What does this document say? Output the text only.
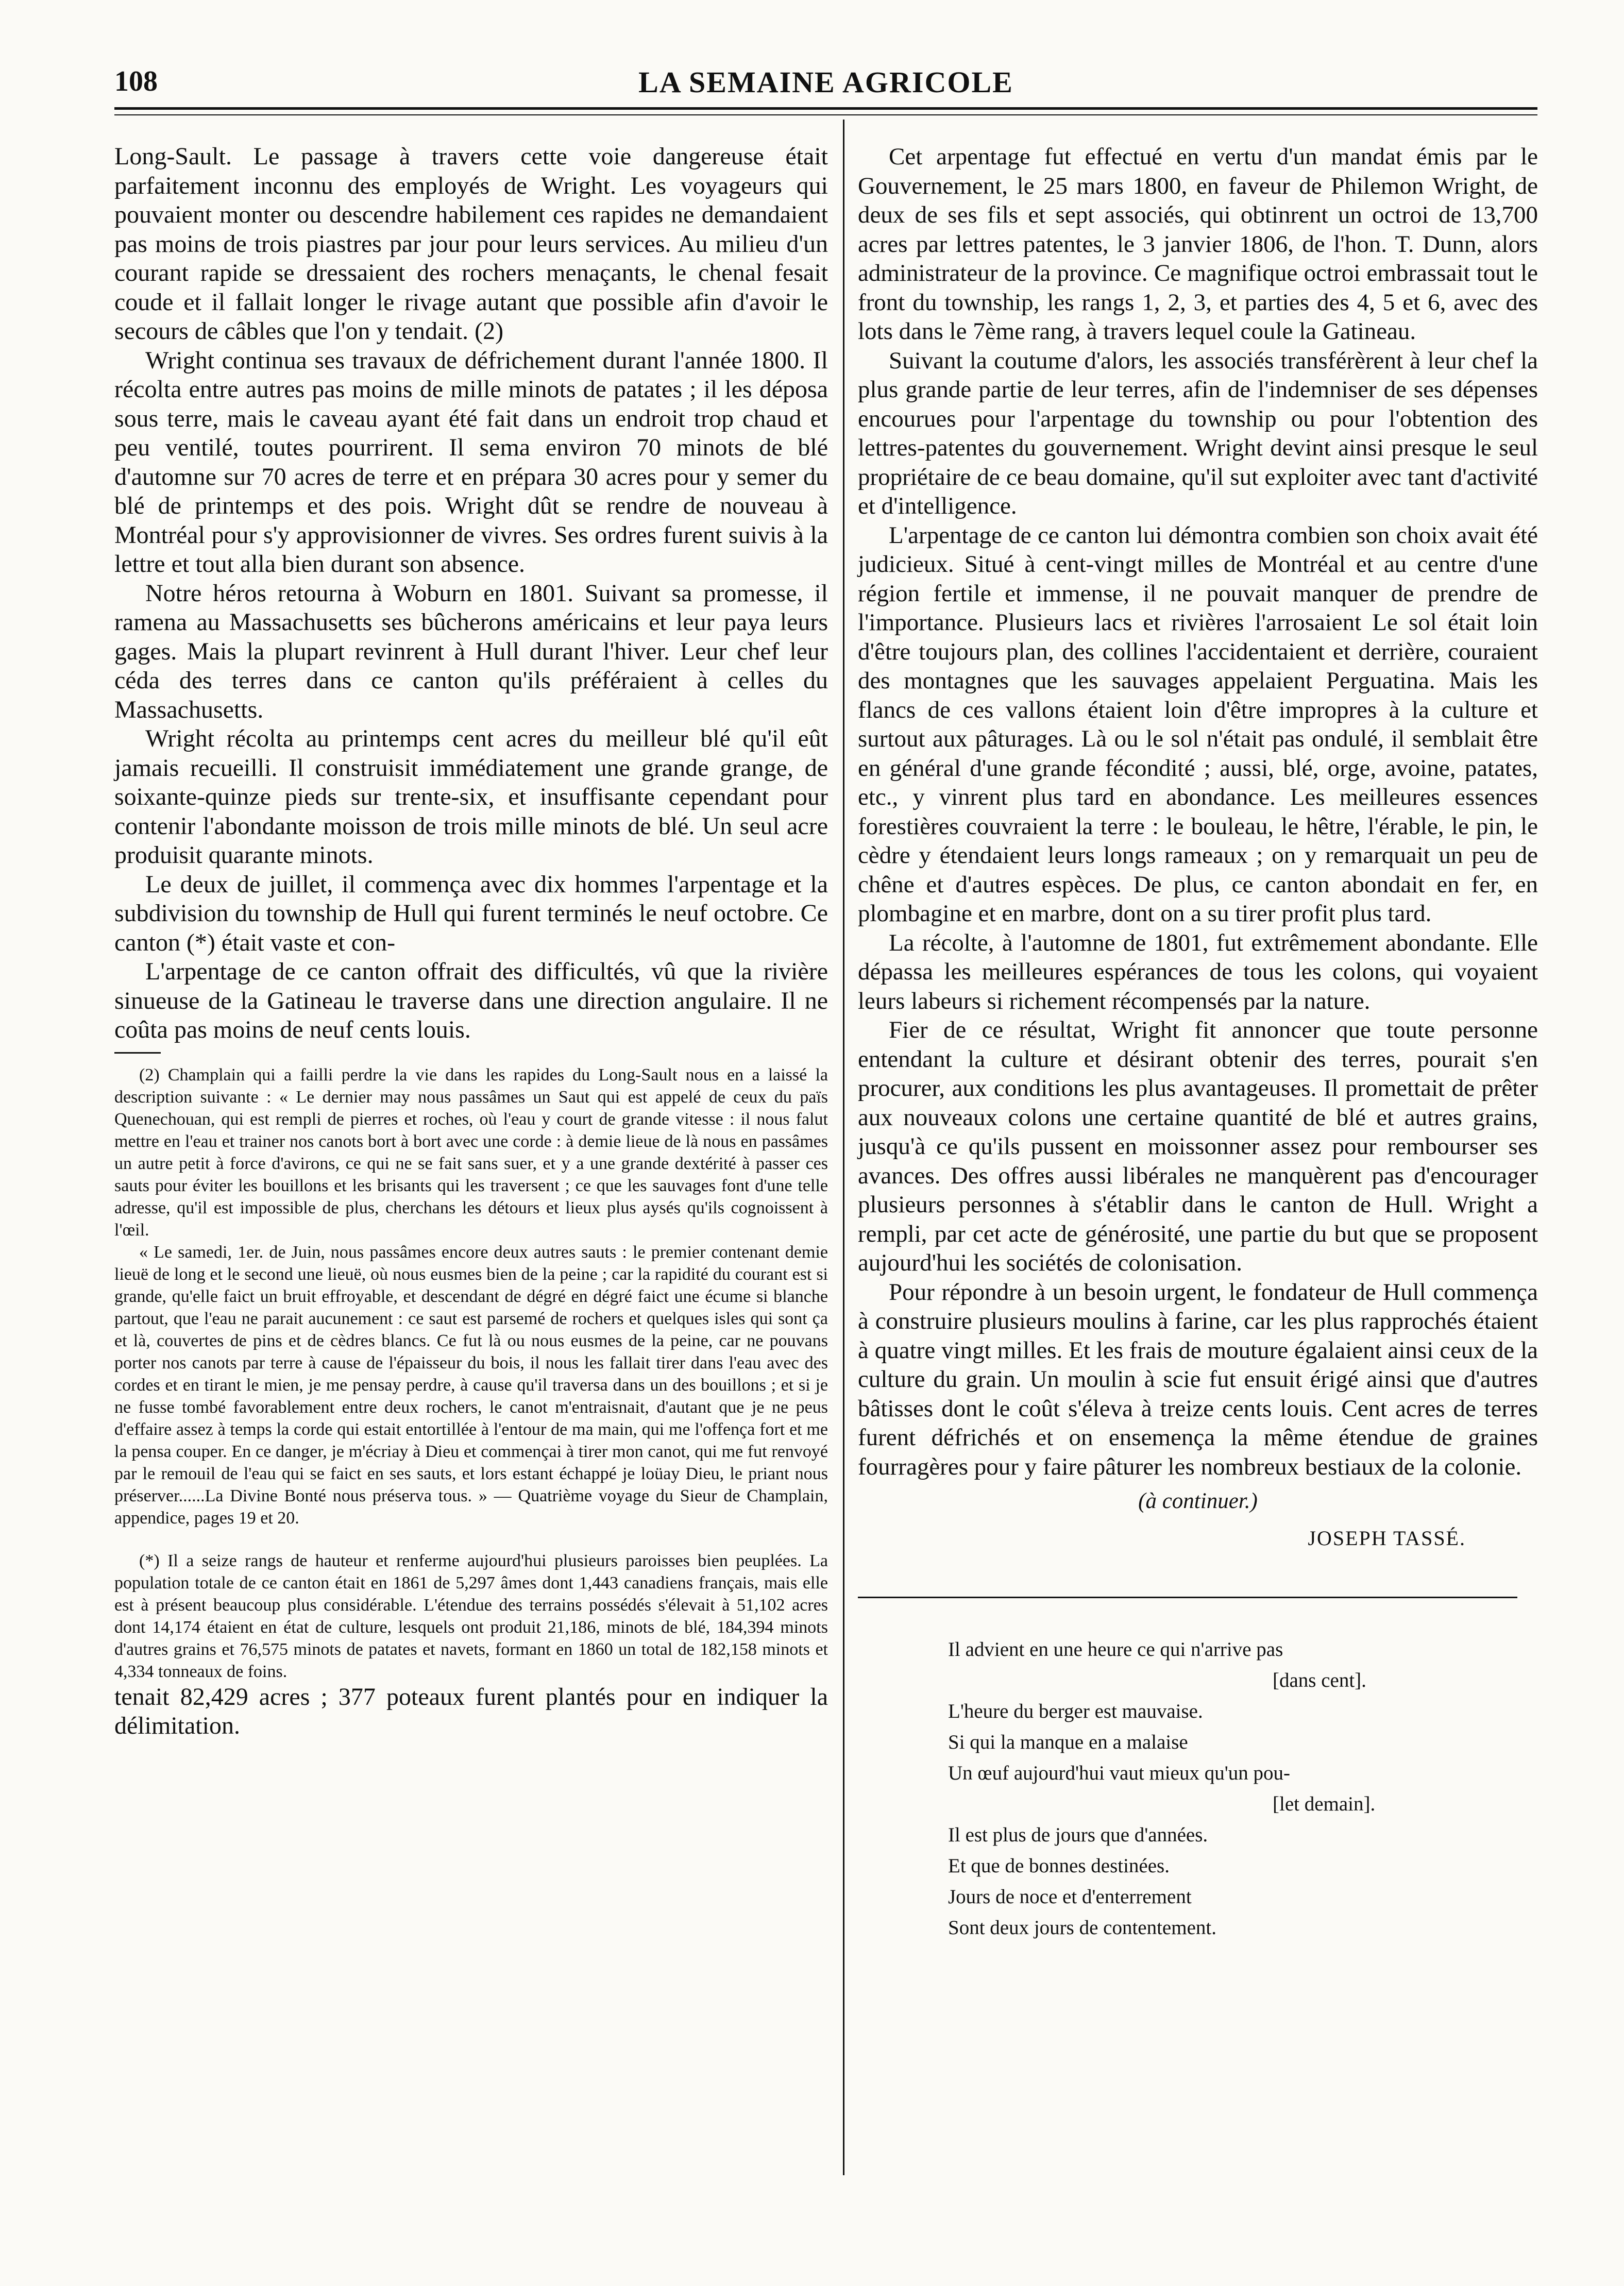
108	LA SEMAINE AGRICOLE

Long-Sault. Le passage à travers cette voie dangereuse était parfaitement inconnu des employés de Wright. Les voyageurs qui pouvaient monter ou descendre habilement ces rapides ne demandaient pas moins de trois piastres par jour pour leurs services. Au milieu d'un courant rapide se dressaient des rochers menaçants, le chenal fesait coude et il fallait longer le rivage autant que possible afin d'avoir le secours de câbles que l'on y tendait. (2)

Wright continua ses travaux de défrichement durant l'année 1800. Il récolta entre autres pas moins de mille minots de patates ; il les déposa sous terre, mais le caveau ayant été fait dans un endroit trop chaud et peu ventilé, toutes pourrirent. Il sema environ 70 minots de blé d'automne sur 70 acres de terre et en prépara 30 acres pour y semer du blé de printemps et des pois. Wright dût se rendre de nouveau à Montréal pour s'y approvisionner de vivres. Ses ordres furent suivis à la lettre et tout alla bien durant son absence.

Notre héros retourna à Woburn en 1801. Suivant sa promesse, il ramena au Massachusetts ses bûcherons américains et leur paya leurs gages. Mais la plupart revinrent à Hull durant l'hiver. Leur chef leur céda des terres dans ce canton qu'ils préféraient à celles du Massachusetts.

Wright récolta au printemps cent acres du meilleur blé qu'il eût jamais recueilli. Il construisit immédiatement une grande grange, de soixante-quinze pieds sur trente-six, et insuffisante cependant pour contenir l'abondante moisson de trois mille minots de blé. Un seul acre produisit quarante minots.

Le deux de juillet, il commença avec dix hommes l'arpentage et la subdivision du township de Hull qui furent terminés le neuf octobre. Ce canton (*) était vaste et con-

L'arpentage de ce canton offrait des difficultés, vû que la rivière sinueuse de la Gatineau le traverse dans une direction angulaire. Il ne coûta pas moins de neuf cents louis.

(2) Champlain qui a failli perdre la vie dans les rapides du Long-Sault nous en a laissé la description suivante : « Le dernier may nous passâmes un Saut qui est appelé de ceux du païs Quenechouan, qui est rempli de pierres et roches, où l'eau y court de grande vitesse : il nous falut mettre en l'eau et trainer nos canots bort à bort avec une corde : à demie lieue de là nous en passâmes un autre petit à force d'avirons, ce qui ne se fait sans suer, et y a une grande dextérité à passer ces sauts pour éviter les bouillons et les brisants qui les traversent ; ce que les sauvages font d'une telle adresse, qu'il est impossible de plus, cherchans les détours et lieux plus aysés qu'ils cognoissent à l'œil.

« Le samedi, 1er. de Juin, nous passâmes encore deux autres sauts : le premier contenant demie lieuë de long et le second une lieuë, où nous eusmes bien de la peine ; car la rapidité du courant est si grande, qu'elle faict un bruit effroyable, et descendant de dégré en dégré faict une écume si blanche partout, que l'eau ne parait aucunement : ce saut est parsemé de rochers et quelques isles qui sont ça et là, couvertes de pins et de cèdres blancs. Ce fut là ou nous eusmes de la peine, car ne pouvans porter nos canots par terre à cause de l'épaisseur du bois, il nous les fallait tirer dans l'eau avec des cordes et en tirant le mien, je me pensay perdre, à cause qu'il traversa dans un des bouillons ; et si je ne fusse tombé favorablement entre deux rochers, le canot m'entraisnait, d'autant que je ne peus d'effaire assez à temps la corde qui estait entortillée à l'entour de ma main, qui me l'offença fort et me la pensa couper. En ce danger, je m'écriay à Dieu et commençai à tirer mon canot, qui me fut renvoyé par le remouil de l'eau qui se faict en ses sauts, et lors estant échappé je loüay Dieu, le priant nous préserver......La Divine Bonté nous préserva tous. » — Quatrième voyage du Sieur de Champlain, appendice, pages 19 et 20.

(*) Il a seize rangs de hauteur et renferme aujourd'hui plusieurs paroisses bien peuplées. La population totale de ce canton était en 1861 de 5,297 âmes dont 1,443 canadiens français, mais elle est à présent beaucoup plus considérable. L'étendue des terrains possédés s'élevait à 51,102 acres dont 14,174 étaient en état de culture, lesquels ont produit 21,186, minots de blé, 184,394 minots d'autres grains et 76,575 minots de patates et navets, formant en 1860 un total de 182,158 minots et 4,334 tonneaux de foins.

tenait 82,429 acres ; 377 poteaux furent plantés pour en indiquer la délimitation.

Cet arpentage fut effectué en vertu d'un mandat émis par le Gouvernement, le 25 mars 1800, en faveur de Philemon Wright, de deux de ses fils et sept associés, qui obtinrent un octroi de 13,700 acres par lettres patentes, le 3 janvier 1806, de l'hon. T. Dunn, alors administrateur de la province. Ce magnifique octroi embrassait tout le front du township, les rangs 1, 2, 3, et parties des 4, 5 et 6, avec des lots dans le 7ème rang, à travers lequel coule la Gatineau.

Suivant la coutume d'alors, les associés transférèrent à leur chef la plus grande partie de leur terres, afin de l'indemniser de ses dépenses encourues pour l'arpentage du township ou pour l'obtention des lettres-patentes du gouvernement. Wright devint ainsi presque le seul propriétaire de ce beau domaine, qu'il sut exploiter avec tant d'activité et d'intelligence.

L'arpentage de ce canton lui démontra combien son choix avait été judicieux. Situé à cent-vingt milles de Montréal et au centre d'une région fertile et immense, il ne pouvait manquer de prendre de l'importance. Plusieurs lacs et rivières l'arrosaient Le sol était loin d'être toujours plan, des collines l'accidentaient et derrière, couraient des montagnes que les sauvages appelaient Perguatina. Mais les flancs de ces vallons étaient loin d'être impropres à la culture et surtout aux pâturages. Là ou le sol n'était pas ondulé, il semblait être en général d'une grande fécondité ; aussi, blé, orge, avoine, patates, etc., y vinrent plus tard en abondance. Les meilleures essences forestières couvraient la terre : le bouleau, le hêtre, l'érable, le pin, le cèdre y étendaient leurs longs rameaux ; on y remarquait un peu de chêne et d'autres espèces. De plus, ce canton abondait en fer, en plombagine et en marbre, dont on a su tirer profit plus tard.

La récolte, à l'automne de 1801, fut extrêmement abondante. Elle dépassa les meilleures espérances de tous les colons, qui voyaient leurs labeurs si richement récompensés par la nature.

Fier de ce résultat, Wright fit annoncer que toute personne entendant la culture et désirant obtenir des terres, pourait s'en procurer, aux conditions les plus avantageuses. Il promettait de prêter aux nouveaux colons une certaine quantité de blé et autres grains, jusqu'à ce qu'ils pussent en moissonner assez pour rembourser ses avances. Des offres aussi libérales ne manquèrent pas d'encourager plusieurs personnes à s'établir dans le canton de Hull. Wright a rempli, par cet acte de générosité, une partie du but que se proposent aujourd'hui les sociétés de colonisation.

Pour répondre à un besoin urgent, le fondateur de Hull commença à construire plusieurs moulins à farine, car les plus rapprochés étaient à quatre vingt milles. Et les frais de mouture égalaient ainsi ceux de la culture du grain. Un moulin à scie fut ensuit érigé ainsi que d'autres bâtisses dont le coût s'éleva à treize cents louis. Cent acres de terres furent défrichés et on ensemença la même étendue de graines fourragères pour y faire pâturer les nombreux bestiaux de la colonie.

(à continuer.)
JOSEPH TASSÉ.
Il advient en une heure ce qui n'arrive pas
[dans cent].
L'heure du berger est mauvaise.
Si qui la manque en a malaise
Un œuf aujourd'hui vaut mieux qu'un pou-
[let demain].
Il est plus de jours que d'années.
Et que de bonnes destinées.
Jours de noce et d'enterrement
Sont deux jours de contentement.
